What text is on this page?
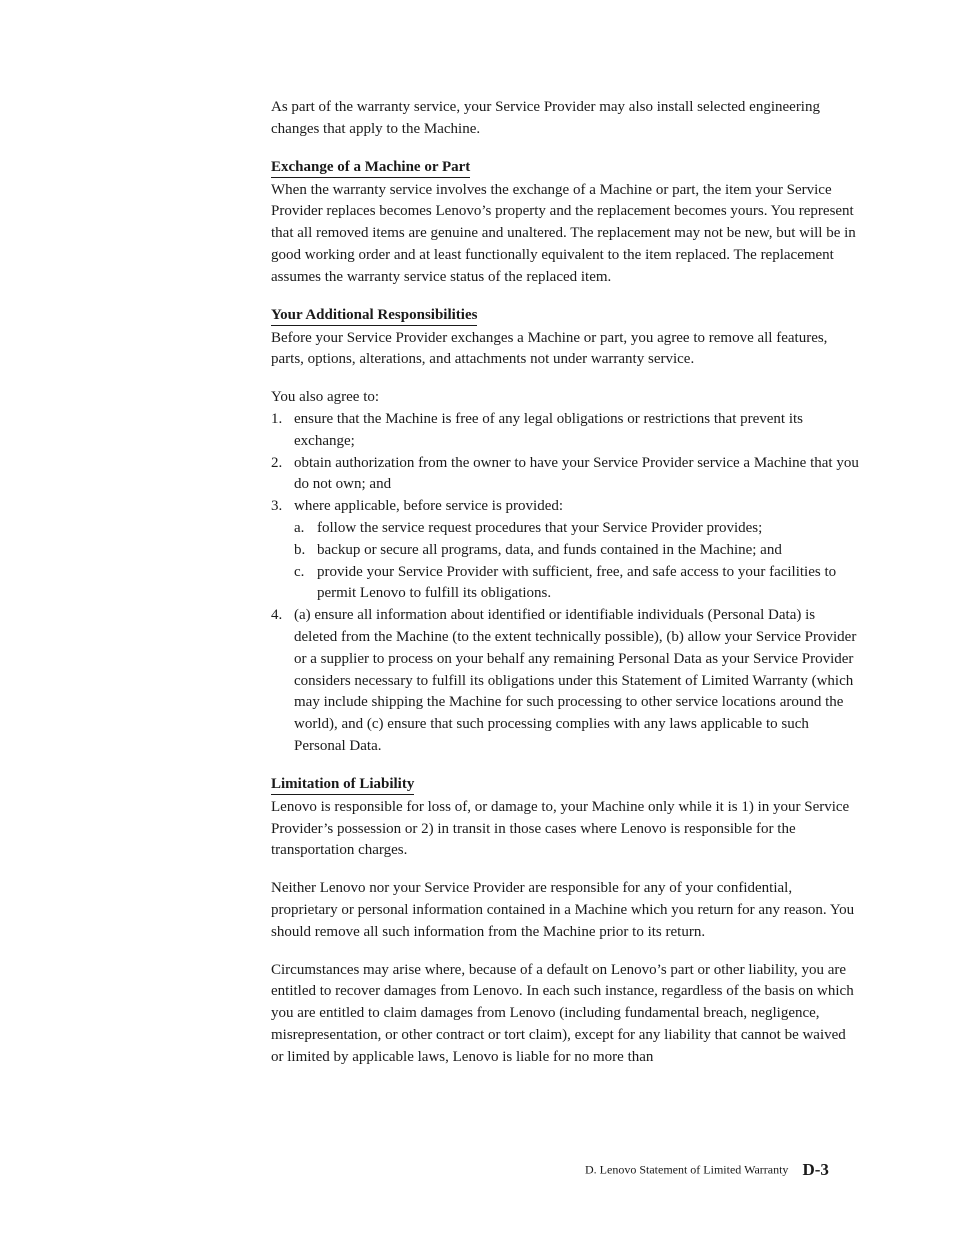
As part of the warranty service, your Service Provider may also install selected engineering changes that apply to the Machine.

Exchange of a Machine or Part

When the warranty service involves the exchange of a Machine or part, the item your Service Provider replaces becomes Lenovo’s property and the replacement becomes yours. You represent that all removed items are genuine and unaltered. The replacement may not be new, but will be in good working order and at least functionally equivalent to the item replaced. The replacement assumes the warranty service status of the replaced item.

Your Additional Responsibilities

Before your Service Provider exchanges a Machine or part, you agree to remove all features, parts, options, alterations, and attachments not under warranty service.

You also agree to:

1. ensure that the Machine is free of any legal obligations or restrictions that prevent its exchange;
2. obtain authorization from the owner to have your Service Provider service a Machine that you do not own; and
3. where applicable, before service is provided:
a. follow the service request procedures that your Service Provider provides;
b. backup or secure all programs, data, and funds contained in the Machine; and
c. provide your Service Provider with sufficient, free, and safe access to your facilities to permit Lenovo to fulfill its obligations.
4. (a) ensure all information about identified or identifiable individuals (Personal Data) is deleted from the Machine (to the extent technically possible), (b) allow your Service Provider or a supplier to process on your behalf any remaining Personal Data as your Service Provider considers necessary to fulfill its obligations under this Statement of Limited Warranty (which may include shipping the Machine for such processing to other service locations around the world), and (c) ensure that such processing complies with any laws applicable to such Personal Data.
Limitation of Liability

Lenovo is responsible for loss of, or damage to, your Machine only while it is 1) in your Service Provider’s possession or 2) in transit in those cases where Lenovo is responsible for the transportation charges.

Neither Lenovo nor your Service Provider are responsible for any of your confidential, proprietary or personal information contained in a Machine which you return for any reason. You should remove all such information from the Machine prior to its return.

Circumstances may arise where, because of a default on Lenovo’s part or other liability, you are entitled to recover damages from Lenovo. In each such instance, regardless of the basis on which you are entitled to claim damages from Lenovo (including fundamental breach, negligence, misrepresentation, or other contract or tort claim), except for any liability that cannot be waived or limited by applicable laws, Lenovo is liable for no more than

D. Lenovo Statement of Limited Warranty D-3
